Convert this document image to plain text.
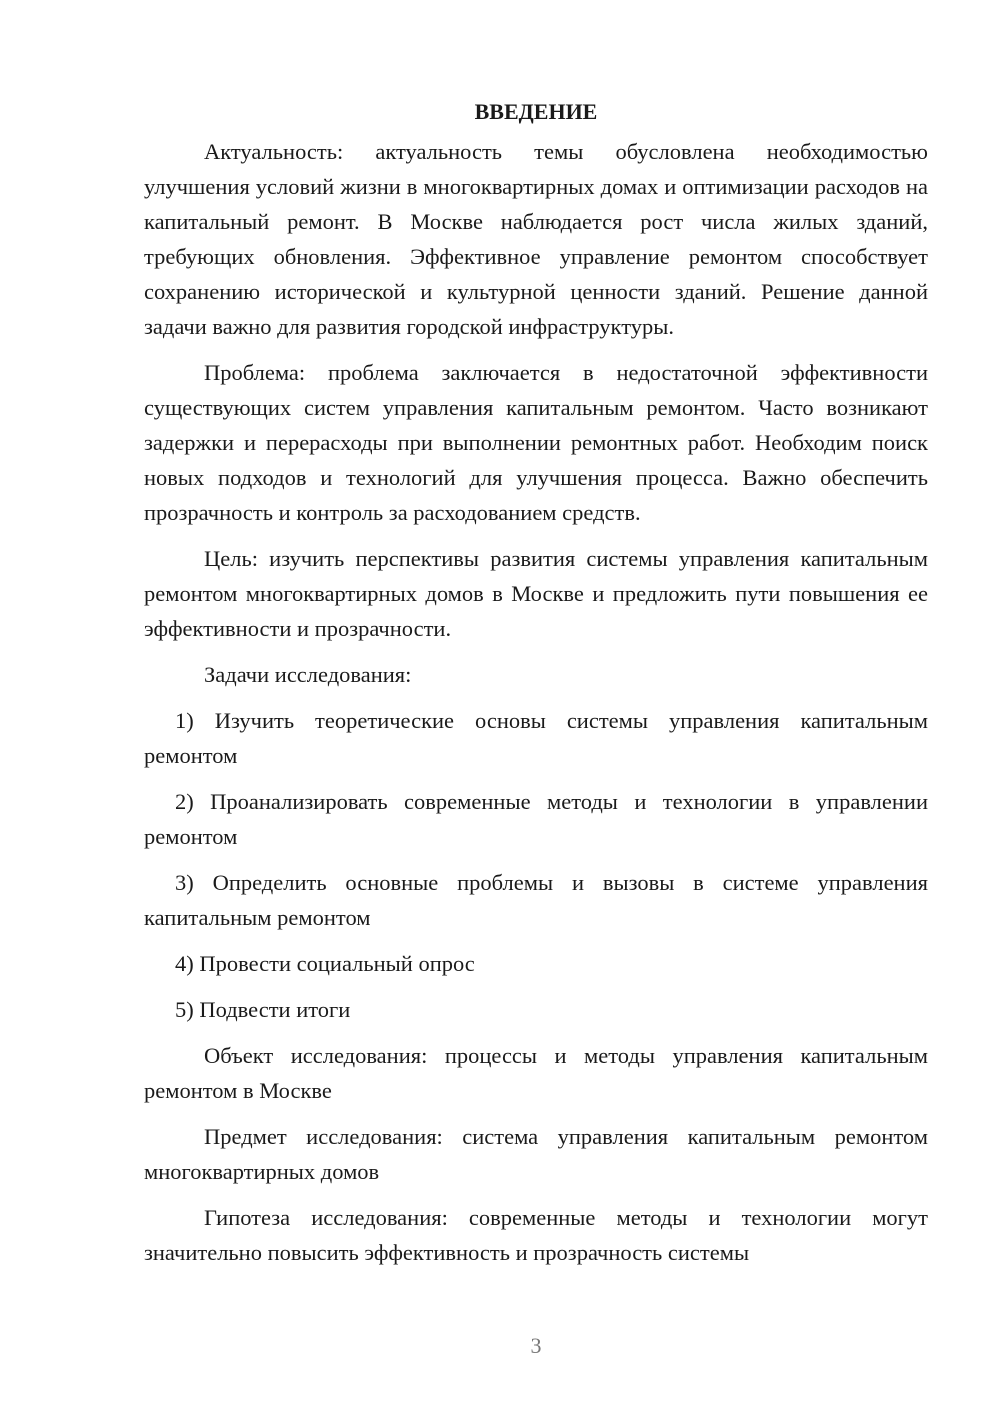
ВВЕДЕНИЕ

Актуальность: актуальность темы обусловлена необходимостью улучшения условий жизни в многоквартирных домах и оптимизации расходов на капитальный ремонт. В Москве наблюдается рост числа жилых зданий, требующих обновления. Эффективное управление ремонтом способствует сохранению исторической и культурной ценности зданий. Решение данной задачи важно для развития городской инфраструктуры.

Проблема: проблема заключается в недостаточной эффективности существующих систем управления капитальным ремонтом. Часто возникают задержки и перерасходы при выполнении ремонтных работ. Необходим поиск новых подходов и технологий для улучшения процесса. Важно обеспечить прозрачность и контроль за расходованием средств.

Цель: изучить перспективы развития системы управления капитальным ремонтом многоквартирных домов в Москве и предложить пути повышения ее эффективности и прозрачности.

Задачи исследования:

1) Изучить теоретические основы системы управления капитальным ремонтом

2) Проанализировать современные методы и технологии в управлении ремонтом

3) Определить основные проблемы и вызовы в системе управления капитальным ремонтом

4) Провести социальный опрос

5) Подвести итоги

Объект исследования: процессы и методы управления капитальным ремонтом в Москве

Предмет исследования: система управления капитальным ремонтом многоквартирных домов

Гипотеза исследования: современные методы и технологии могут значительно повысить эффективность и прозрачность системы

3
